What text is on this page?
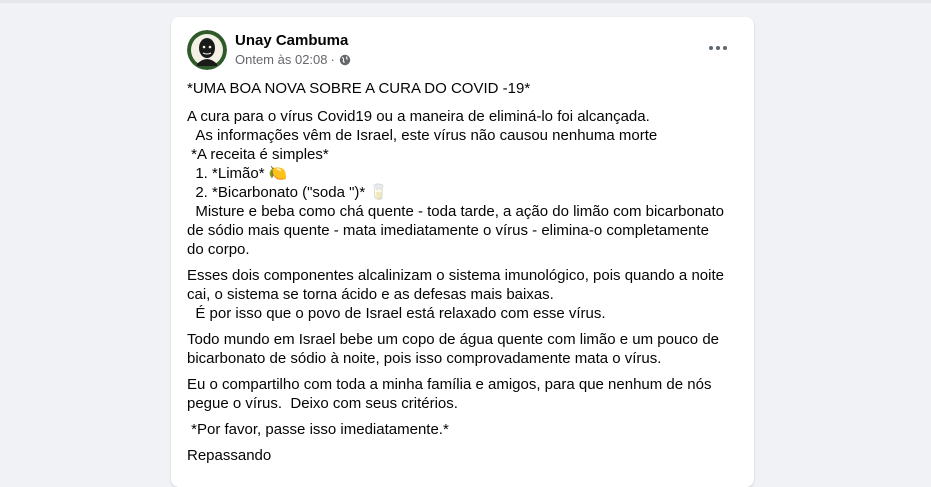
Unay Cambuma
Ontem às 02:08 ·

*UMA BOA NOVA SOBRE A CURA DO COVID -19*

A cura para o vírus Covid19 ou a maneira de eliminá-lo foi alcançada.
As informações vêm de Israel, este vírus não causou nenhuma morte
*A receita é simples*
1. *Limão* 🍋
2. *Bicarbonato ("soda ")* 🥛
Misture e beba como chá quente - toda tarde, a ação do limão com bicarbonato de sódio mais quente - mata imediatamente o vírus - elimina-o completamente do corpo.

Esses dois componentes alcalinizam o sistema imunológico, pois quando a noite cai, o sistema se torna ácido e as defesas mais baixas.
É por isso que o povo de Israel está relaxado com esse vírus.

Todo mundo em Israel bebe um copo de água quente com limão e um pouco de bicarbonato de sódio à noite, pois isso comprovadamente mata o vírus.

Eu o compartilho com toda a minha família e amigos, para que nenhum de nós pegue o vírus.  Deixo com seus critérios.

*Por favor, passe isso imediatamente.*

Repassando
